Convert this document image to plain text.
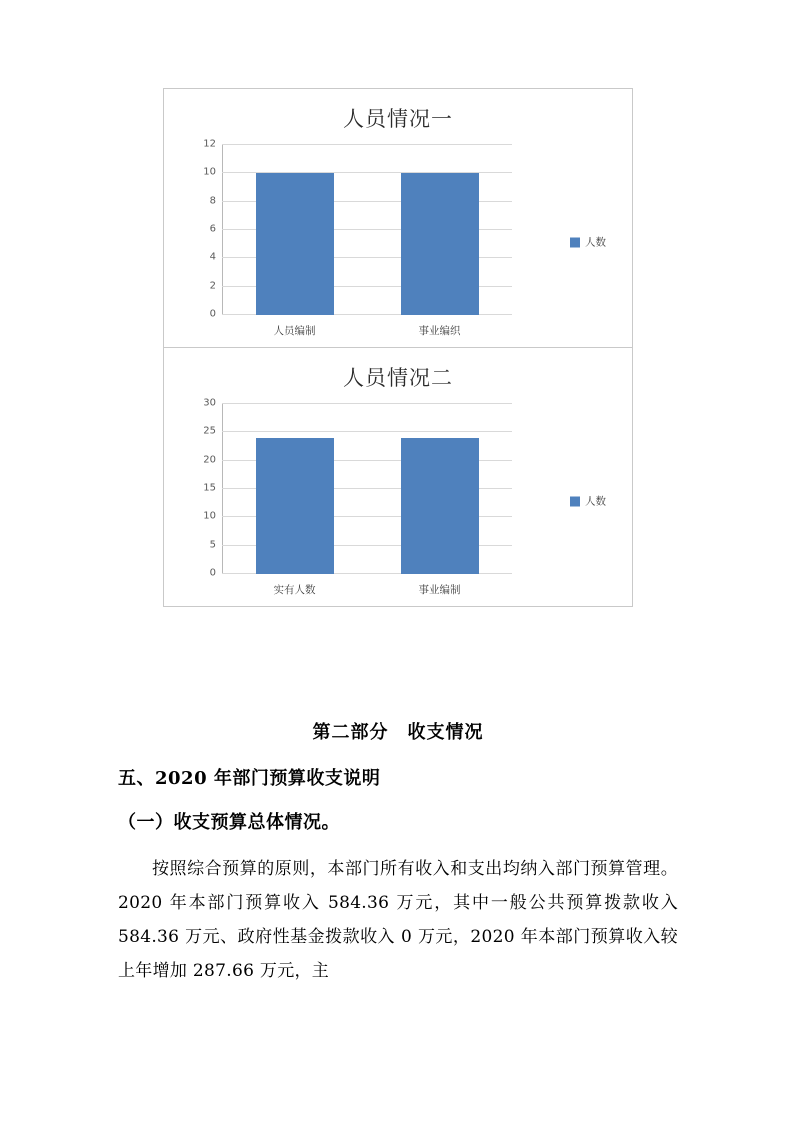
人员情况一
0
2
4
6
8
10
12
人员编制	事业编织
人数
人员情况二
0
5
10
15
20
25
30
实有人数	事业编制
人数
第二部分　收支情况
五、2020 年部门预算收支说明
（一）收支预算总体情况。

按照综合预算的原则，本部门所有收入和支出均纳入部门预算管理。2020 年本部门预算收入 584.36 万元，其中一般公共预算拨款收入 584.36 万元、政府性基金拨款收入 0 万元，2020 年本部门预算收入较上年增加 287.66 万元，主
